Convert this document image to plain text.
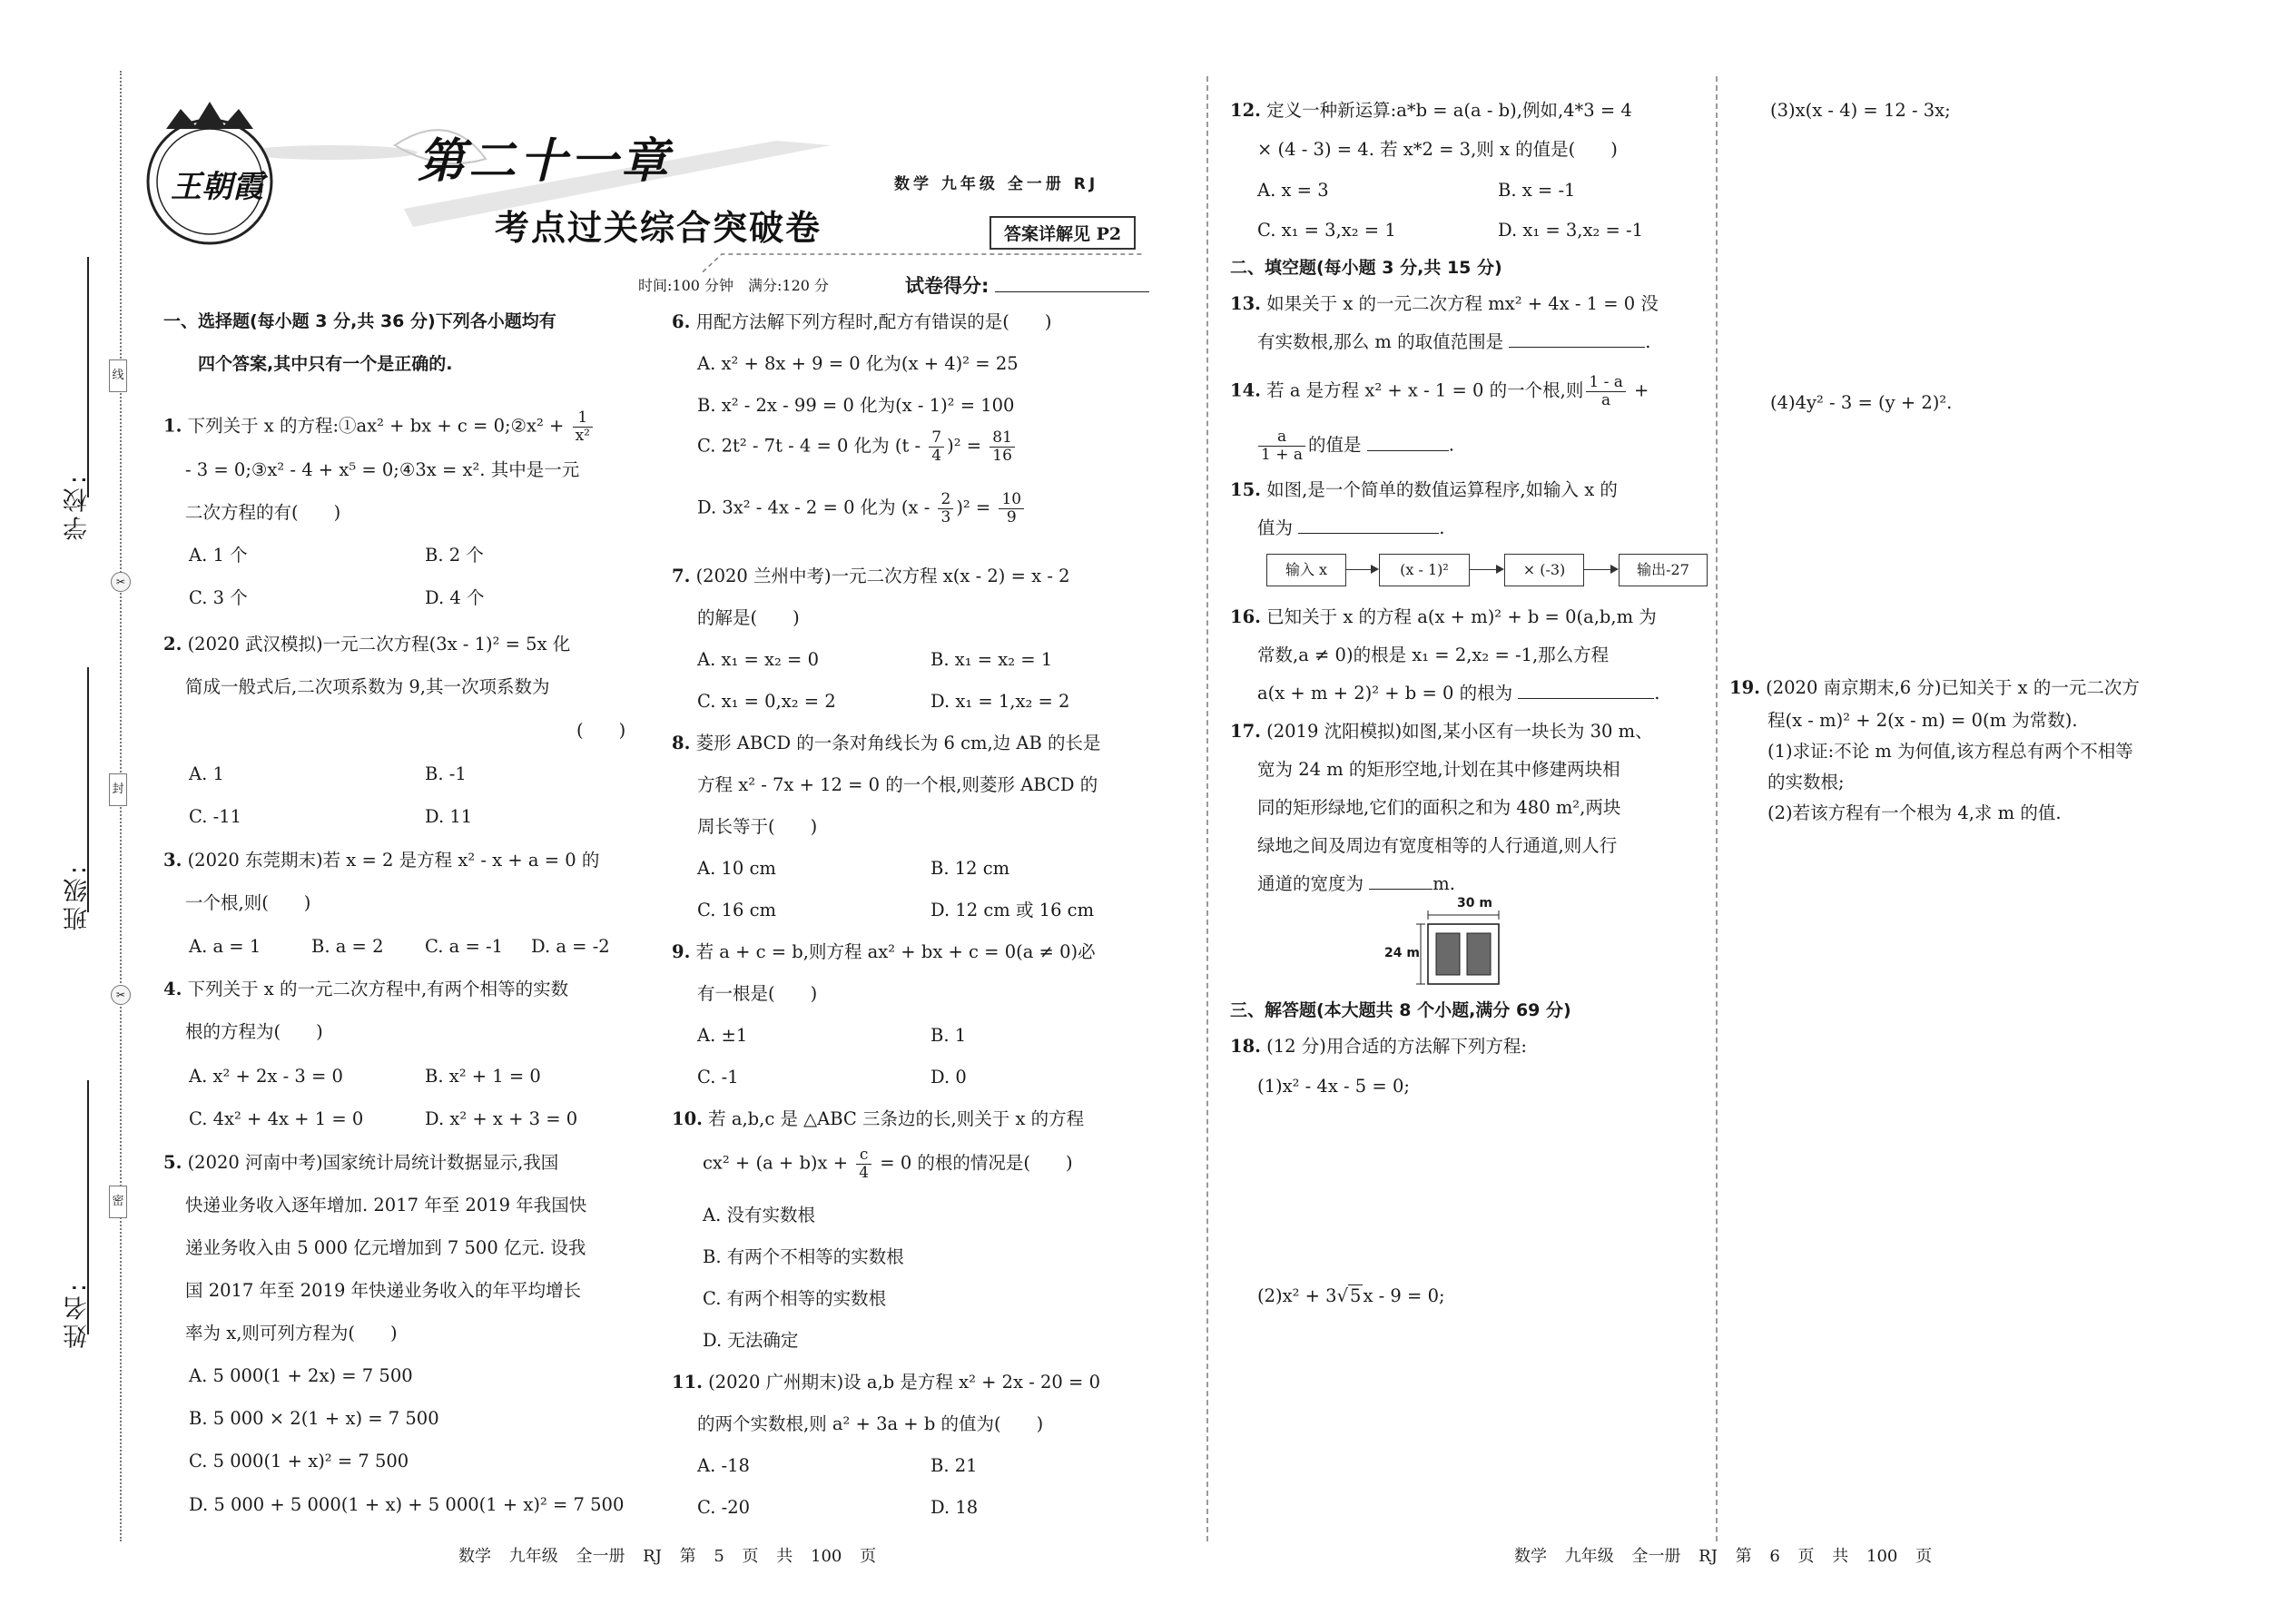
学校:
班级:
姓名:
线
封
密
✂
✂
王朝霞	第二十一章
考点过关综合突破卷
数学 九年级 全一册 RJ
答案详解见 P2
时间:100 分钟　满分:120 分	试卷得分:
一、选择题(每小题 3 分,共 36 分)下列各小题均有
四个答案,其中只有一个是正确的.
1. 下列关于 x 的方程:①ax² + bx + c = 0;②x² + $\frac{1}{\text{x²}}$
- 3 = 0;③x² - 4 + x⁵ = 0;④3x = x². 其中是一元
二次方程的有(　　)
A. 1 个	B. 2 个
C. 3 个	D. 4 个
2. (2020 武汉模拟)一元二次方程(3x - 1)² = 5x 化
简成一般式后,二次项系数为 9,其一次项系数为
(　　)
A. 1	B. -1
C. -11	D. 11
3. (2020 东莞期末)若 x = 2 是方程 x² - x + a = 0 的
一个根,则(　　)
A. a = 1	B. a = 2 C. a = -1 D. a = -2
4. 下列关于 x 的一元二次方程中,有两个相等的实数
根的方程为(　　)
A. x² + 2x - 3 = 0	B. x² + 1 = 0
C. 4x² + 4x + 1 = 0	D. x² + x + 3 = 0
5. (2020 河南中考)国家统计局统计数据显示,我国
快递业务收入逐年增加. 2017 年至 2019 年我国快
递业务收入由 5 000 亿元增加到 7 500 亿元. 设我
国 2017 年至 2019 年快递业务收入的年平均增长
率为 x,则可列方程为(　　)
A. 5 000(1 + 2x) = 7 500
B. 5 000 × 2(1 + x) = 7 500
C. 5 000(1 + x)² = 7 500
D. 5 000 + 5 000(1 + x) + 5 000(1 + x)² = 7 500
6. 用配方法解下列方程时,配方有错误的是(　　)
A. x² + 8x + 9 = 0 化为(x + 4)² = 25
B. x² - 2x - 99 = 0 化为(x - 1)² = 100
C. 2t² - 7t - 4 = 0 化为 $(t - \frac{7}{4} )^2 = \frac{81}{16}$
D. 3x² - 4x - 2 = 0 化为 $(x - \frac{2}{3} )^2 = \frac{10}{9}$
7. (2020 兰州中考)一元二次方程 x(x - 2) = x - 2
的解是(　　)
A. x₁ = x₂ = 0	B. x₁ = x₂ = 1
C. x₁ = 0,x₂ = 2	D. x₁ = 1,x₂ = 2
8. 菱形 ABCD 的一条对角线长为 6 cm,边 AB 的长是
方程 x² - 7x + 12 = 0 的一个根,则菱形 ABCD 的
周长等于(　　)
A. 10 cm	B. 12 cm
C. 16 cm	D. 12 cm 或 16 cm
9. 若 a + c = b,则方程 ax² + bx + c = 0(a ≠ 0)必
有一根是(　　)
A. ±1	B. 1
C. -1	D. 0
10. 若 a,b,c 是 △ABC 三条边的长,则关于 x 的方程
$cx^2 + (a + b)x + \frac{c}{4} = 0$ 的根的情况是(　　)
A. 没有实数根
B. 有两个不相等的实数根
C. 有两个相等的实数根
D. 无法确定
11. (2020 广州期末)设 a,b 是方程 x² + 2x - 20 = 0
的两个实数根,则 a² + 3a + b 的值为(　　)
A. -18	B. 21
C. -20	D. 18
数学 九年级 全一册 RJ 第 5 页 共 100 页
12. 定义一种新运算:a*b = a(a - b),例如,4*3 = 4
× (4 - 3) = 4. 若 x*2 = 3,则 x 的值是(　　)
A. x = 3	B. x = -1
C. x₁ = 3,x₂ = 1	D. x₁ = 3,x₂ = -1
二、填空题(每小题 3 分,共 15 分)
13. 如果关于 x 的一元二次方程 mx² + 4x - 1 = 0 没
有实数根,那么 m 的取值范围是	.
14. 若 a 是方程 x² + x - 1 = 0 的一个根,则 $\frac{1 - a}{a}$ +
$\frac{a}{1 + a}$ 的值是	.
15. 如图,是一个简单的数值运算程序,如输入 x 的
值为	.
输入 x	(x - 1)²	× (-3)	输出-27
16. 已知关于 x 的方程 a(x + m)² + b = 0(a,b,m 为
常数,a ≠ 0)的根是 x₁ = 2,x₂ = -1,那么方程
a(x + m + 2)² + b = 0 的根为	.
17. (2019 沈阳模拟)如图,某小区有一块长为 30 m、
宽为 24 m 的矩形空地,计划在其中修建两块相
同的矩形绿地,它们的面积之和为 480 m²,两块
绿地之间及周边有宽度相等的人行通道,则人行
通道的宽度为	m.
30 m
24 m
三、解答题(本大题共 8 个小题,满分 69 分)
18. (12 分)用合适的方法解下列方程:
(1)x² - 4x - 5 = 0;
(2)x² + 3√ 5 x - 9 = 0;
(3)x(x - 4) = 12 - 3x;
(4)4y² - 3 = (y + 2)².
19. (2020 南京期末,6 分)已知关于 x 的一元二次方
程(x - m)² + 2(x - m) = 0(m 为常数).
(1)求证:不论 m 为何值,该方程总有两个不相等
的实数根;
(2)若该方程有一个根为 4,求 m 的值.
数学 九年级 全一册 RJ 第 6 页 共 100 页
